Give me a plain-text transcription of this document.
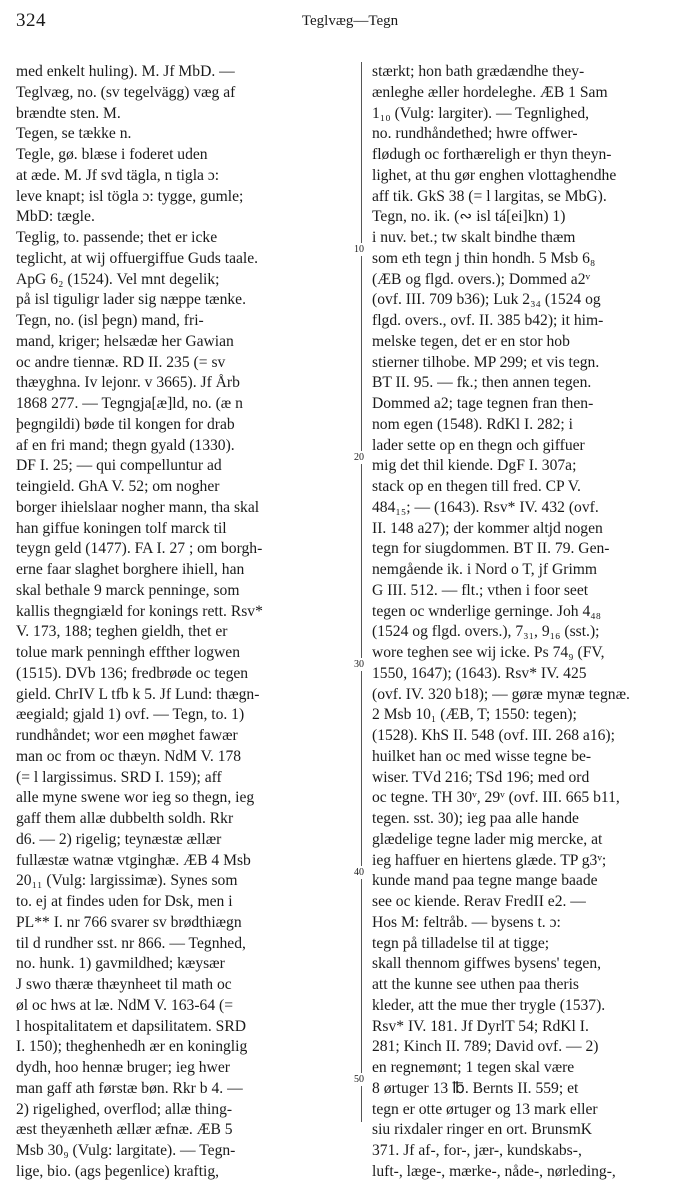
324	Teglvæg—Tegn
med enkelt huling). M. Jf MbD. —
Teglvæg, no. (sv tegelvägg) væg af
brændte sten. M.
Tegen, se tække n.
Tegle, gø. blæse i foderet uden
at æde. M. Jf svd tägla, n tigla ɔ:
leve knapt; isl tögla ɔ: tygge, gumle;
MbD: tægle.
Teglig, to. passende; thet er icke
teglicht, at wij offuergiffue Guds taale.
ApG 6₂ (1524). Vel mnt degelik;
på isl tiguligr lader sig næppe tænke.
Tegn, no. (isl þegn) mand, fri-
mand, kriger; helsædæ her Gawian
oc andre tiennæ. RD II. 235 (= sv
thæyghna. Iv lejonr. v 3665). Jf Årb
1868 277. — Tegngja[æ]ld, no. (æ n
þegngildi) bøde til kongen for drab
af en fri mand; thegn gyald (1330).
DF I. 25; — qui compelluntur ad
teingield. GhA V. 52; om nogher
borger ihielslaar nogher mann, tha skal
han giffue koningen tolf marck til
teygn geld (1477). FA I. 27 ; om borgh-
erne faar slaghet borghere ihiell, han
skal bethale 9 marck penninge, som
kallis thegngiæld for konings rett. Rsv*
V. 173, 188; teghen gieldh, thet er
tolue mark penningh effther logwen
(1515). DVb 136; fredbrøde oc tegen
gield. ChrIV L tfb k 5. Jf Lund: thægn-
æegiald; gjald 1) ovf. — Tegn, to. 1)
rundhåndet; wor een møghet fawær
man oc from oc thæyn. NdM V. 178
(= l largissimus. SRD I. 159); aff
alle myne swene wor ieg so thegn, ieg
gaff them allæ dubbelth soldh. Rkr
d6. — 2) rigelig; teynæstæ ællær
fullæstæ watnæ vtginghæ. ÆB 4 Msb
20₁₁ (Vulg: largissimæ). Synes som
to. ej at findes uden for Dsk, men i
PL** I. nr 766 svarer sv brødthiægn
til d rundher sst. nr 866. — Tegnhed,
no. hunk. 1) gavmildhed; kæysær
J swo thæræ thæynheet til math oc
øl oc hws at læ. NdM V. 163-64 (=
l hospitalitatem et dapsilitatem. SRD
I. 150); theghenhedh ær en koninglig
dydh, hoo hennæ bruger; ieg hwer
man gaff ath førstæ bøn. Rkr b 4. —
2) rigelighed, overflod; allæ thing-
æst theyænheth ællær æfnæ. ÆB 5
Msb 30₉ (Vulg: largitate). — Tegn-
lige, bio. (ags þegenlice) kraftig,
10
20
30
40
50
stærkt; hon bath grædændhe they-
ænleghe æller hordeleghe. ÆB 1 Sam
1₁₀ (Vulg: largiter). — Tegnlighed,
no. rundhåndethed; hwre offwer-
flødugh oc forthæreligh er thyn theyn-
lighet, at thu gør enghen vlottaghendhe
aff tik. GkS 38 (= l largitas, se MbG).
Tegn, no. ik. (∾ isl tá[ei]kn) 1)
i nuv. bet.; tw skalt bindhe thæm
som eth tegn j thin hondh. 5 Msb 6₈
(ÆB og flgd. overs.); Dommed a2ᵛ
(ovf. III. 709 b36); Luk 2₃₄ (1524 og
flgd. overs., ovf. II. 385 b42); it him-
melske tegen, det er en stor hob
stierner tilhobe. MP 299; et vis tegn.
BT II. 95. — fk.; then annen tegen.
Dommed a2; tage tegnen fran then-
nom egen (1548). RdKl I. 282; i
lader sette op en thegn och giffuer
mig det thil kiende. DgF I. 307a;
stack op en thegen till fred. CP V.
484₁₅; — (1643). Rsv* IV. 432 (ovf.
II. 148 a27); der kommer altjd nogen
tegn for siugdommen. BT II. 79. Gen-
nemgående ik. i Nord o T, jf Grimm
G III. 512. — flt.; vthen i foor seet
tegen oc wnderlige gerninge. Joh 4₄₈
(1524 og flgd. overs.), 7₃₁, 9₁₆ (sst.);
wore teghen see wij icke. Ps 74₉ (FV,
1550, 1647); (1643). Rsv* IV. 425
(ovf. IV. 320 b18); — gøræ mynæ tegnæ.
2 Msb 10₁ (ÆB, T; 1550: tegen);
(1528). KhS II. 548 (ovf. III. 268 a16);
huilket han oc med wisse tegne be-
wiser. TVd 216; TSd 196; med ord
oc tegne. TH 30ᵛ, 29ᵛ (ovf. III. 665 b11,
tegen. sst. 30); ieg paa alle hande
glædelige tegne lader mig mercke, at
ieg haffuer en hiertens glæde. TP g3ᵛ;
kunde mand paa tegne mange baade
see oc kiende. Rerav FredII e2. —
Hos M: feltråb. — bysens t. ɔ:
tegn på tilladelse til at tigge;
skall thennom giffwes bysens' tegen,
att the kunne see uthen paa theris
kleder, att the mue ther trygle (1537).
Rsv* IV. 181. Jf DyrlT 54; RdKl I.
281; Kinch II. 789; David ovf. — 2)
en regnemønt; 1 tegen skal være
8 ørtuger 13 ℔. Bernts II. 559; et
tegn er otte ørtuger og 13 mark eller
siu rixdaler ringer en ort. BrunsmK
371. Jf af-, for-, jær-, kundskabs-,
luft-, læge-, mærke-, nåde-, nørleding-,
